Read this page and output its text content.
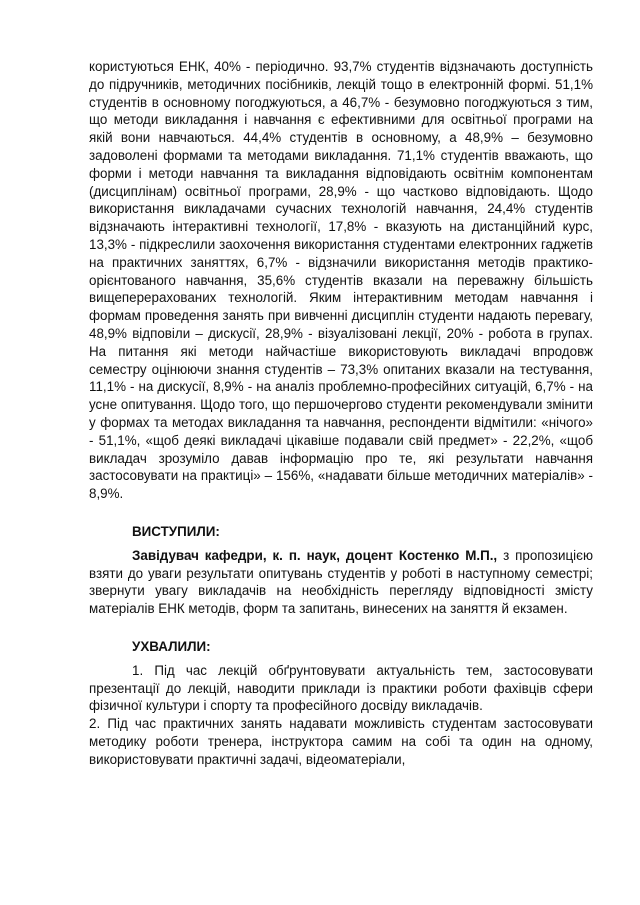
користуються ЕНК, 40% - періодично. 93,7% студентів відзначають доступність до підручників, методичних посібників, лекцій тощо в електронній формі. 51,1% студентів в основному погоджуються, а 46,7% - безумовно погоджуються з тим, що методи викладання і навчання є ефективними для освітньої програми на якій вони навчаються. 44,4% студентів в основному, а 48,9% – безумовно задоволені формами та методами викладання. 71,1% студентів вважають, що форми і методи навчання та викладання відповідають освітнім компонентам (дисциплінам) освітньої програми, 28,9% - що частково відповідають. Щодо використання викладачами сучасних технологій навчання, 24,4% студентів відзначають інтерактивні технології, 17,8% - вказують на дистанційний курс, 13,3% - підкреслили заохочення використання студентами електронних гаджетів на практичних заняттях, 6,7% - відзначили використання методів практико-орієнтованого навчання, 35,6% студентів вказали на переважну більшість вищеперерахованих технологій. Яким інтерактивним методам навчання і формам проведення занять при вивченні дисциплін студенти надають перевагу, 48,9% відповіли – дискусії, 28,9% - візуалізовані лекції, 20% - робота в групах. На питання які методи найчастіше використовують викладачі впродовж семестру оцінюючи знання студентів – 73,3% опитаних вказали на тестування, 11,1% - на дискусії, 8,9% - на аналіз проблемно-професійних ситуацій, 6,7% - на усне опитування. Щодо того, що першочергово студенти рекомендували змінити у формах та методах викладання та навчання, респонденти відмітили: «нічого» - 51,1%, «щоб деякі викладачі цікавіше подавали свій предмет» - 22,2%, «щоб викладач зрозуміло давав інформацію про те, які результати навчання застосовувати на практиці» – 156%, «надавати більше методичних матеріалів» - 8,9%.

ВИСТУПИЛИ:

Завідувач кафедри, к. п. наук, доцент Костенко М.П., з пропозицією взяти до уваги результати опитувань студентів у роботі в наступному семестрі; звернути увагу викладачів на необхідність перегляду відповідності змісту матеріалів ЕНК методів, форм та запитань, винесених на заняття й екзамен.

УХВАЛИЛИ:

1. Під час лекцій обґрунтовувати актуальність тем, застосовувати презентації до лекцій, наводити приклади із практики роботи фахівців сфери фізичної культури і спорту та професійного досвіду викладачів.

2. Під час практичних занять надавати можливість студентам застосовувати методику роботи тренера, інструктора самим на собі та один на одному, використовувати практичні задачі, відеоматеріали,
